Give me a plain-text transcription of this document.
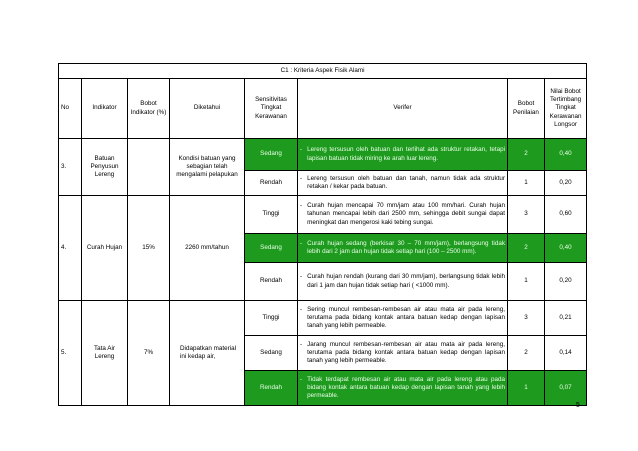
C1 : Kriteria Aspek Fisik Alami							
No	Indikator	Bobot Indikator (%)	Diketahui	Sensitivitas Tingkat Kerawanan	Verifer	Bobot Penilaian	Nilai Bobot Tertimbang Tingkat Kerawanan Longsor
3.	Batuan Penyusun Lereng		Kondisi batuan yang sebagian telah mengalami pelapukan	Sedang	- Lereng tersusun oleh batuan dan terlihat ada struktur retakan, tetapi lapisan batuan tidak miring ke arah luar lereng.	2	0,40
				Rendah	- Lereng tersusun oleh batuan dan tanah, namun tidak ada struktur retakan / kekar pada batuan.	1	0,20
4.	Curah Hujan	15%	2260 mm/tahun	Tinggi	- Curah hujan mencapai 70 mm/jam atau 100 mm/hari. Curah hujan tahunan mencapai lebih dari 2500 mm, sehingga debit sungai dapat meningkat dan mengerosi kaki tebing sungai.	3	0,60
				Sedang	- Curah hujan sedang (berkisar 30 – 70 mm/jam), berlangsung tidak lebih dari 2 jam dan hujan tidak setiap hari (100 – 2500 mm).	2	0,40
				Rendah	- Curah hujan rendah (kurang dari 30 mm/jam), berlangsung tidak lebih dari 1 jam dan hujan tidak setiap hari ( <1000 mm).	1	0,20
5.	Tata Air Lereng	7%	Didapatkan material ini kedap air,	Tinggi	- Sering muncul rembesan-rembesan air atau mata air pada lereng, terutama pada bidang kontak antara batuan kedap dengan lapisan tanah yang lebih permeable.	3	0,21
				Sedang	- Jarang muncul rembesan-rembesan air atau mata air pada lereng, terutama pada bidang kontak antara batuan kedap dengan lapisan tanah yang lebih permeable.	2	0,14
				Rendah	- Tidak terdapat rembesan air atau mata air pada lereng atau pada bidang kontak antara batuan kedap dengan lapisan tanah yang lebih permeable.	1	0,07
5
